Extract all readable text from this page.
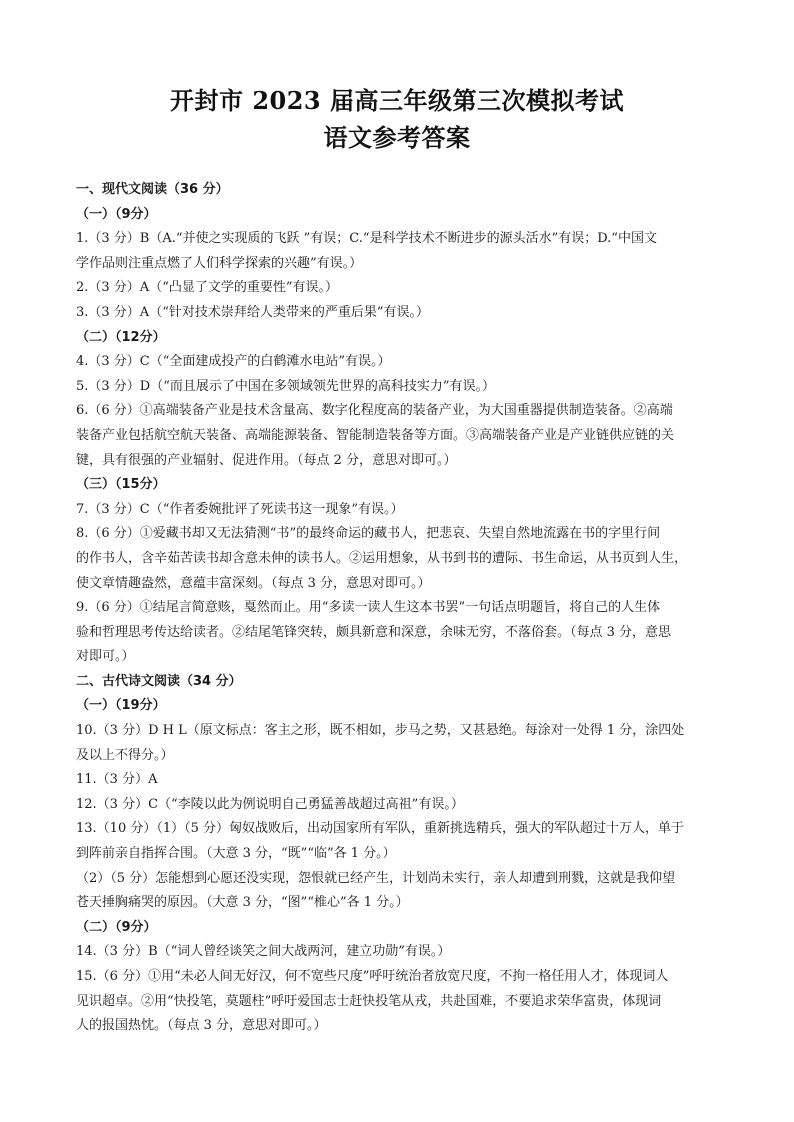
开封市 2023 届高三年级第三次模拟考试
语文参考答案
一、现代文阅读（36 分）
（一）（9分）
1.（3 分）B（A.“并使之实现质的飞跃 ”有误；C.“是科学技术不断进步的源头活水”有误；D.“中国文
学作品则注重点燃了人们科学探索的兴趣”有误。）
2.（3 分）A（“凸显了文学的重要性”有误。）
3.（3 分）A（“针对技术崇拜给人类带来的严重后果”有误。）
（二）（12分）
4.（3 分）C（“全面建成投产的白鹤滩水电站”有误。）
5.（3 分）D（“而且展示了中国在多领域领先世界的高科技实力”有误。）
6.（6 分）①高端装备产业是技术含量高、数字化程度高的装备产业，为大国重器提供制造装备。②高端
装备产业包括航空航天装备、高端能源装备、智能制造装备等方面。③高端装备产业是产业链供应链的关
键，具有很强的产业辐射、促进作用。（每点 2 分，意思对即可。）
（三）（15分）
7.（3 分）C（“作者委婉批评了死读书这一现象”有误。）
8.（6 分）①爱藏书却又无法猜测“书”的最终命运的藏书人，把悲哀、失望自然地流露在书的字里行间
的作书人，含辛茹苦读书却含意未伸的读书人。②运用想象，从书到书的遭际、书生命运，从书页到人生，
使文章情趣盎然，意蕴丰富深刻。（每点 3 分，意思对即可。）
9.（6 分）①结尾言简意赅，戛然而止。用“多读一读人生这本书罢”一句话点明题旨，将自己的人生体
验和哲理思考传达给读者。②结尾笔锋突转，颇具新意和深意，余味无穷，不落俗套。（每点 3 分，意思
对即可。）
二、古代诗文阅读（34 分）
（一）（19分）
10.（3 分）D H L（原文标点：客主之形，既不相如，步马之势，又甚悬绝。每涂对一处得 1 分，涂四处
及以上不得分。）
11.（3 分）A
12.（3 分）C（“李陵以此为例说明自己勇猛善战超过高祖”有误。）
13.（10 分）（1）（5 分）匈奴战败后，出动国家所有军队，重新挑选精兵，强大的军队超过十万人，单于
到阵前亲自指挥合围。（大意 3 分，“既”“临”各 1 分。）
（2）（5 分）怎能想到心愿还没实现，怨恨就已经产生，计划尚未实行，亲人却遭到刑戮，这就是我仰望
苍天捶胸痛哭的原因。（大意 3 分，“图”“椎心”各 1 分。）
（二）（9分）
14.（3 分）B（“词人曾经谈笑之间大战两河，建立功勋”有误。）
15.（6 分）①用“未必人间无好汉，何不宽些尺度”呼吁统治者放宽尺度，不拘一格任用人才，体现词人
见识超卓。②用“快投笔，莫题柱”呼吁爱国志士赶快投笔从戎，共赴国难，不要追求荣华富贵，体现词
人的报国热忱。（每点 3 分，意思对即可。）
